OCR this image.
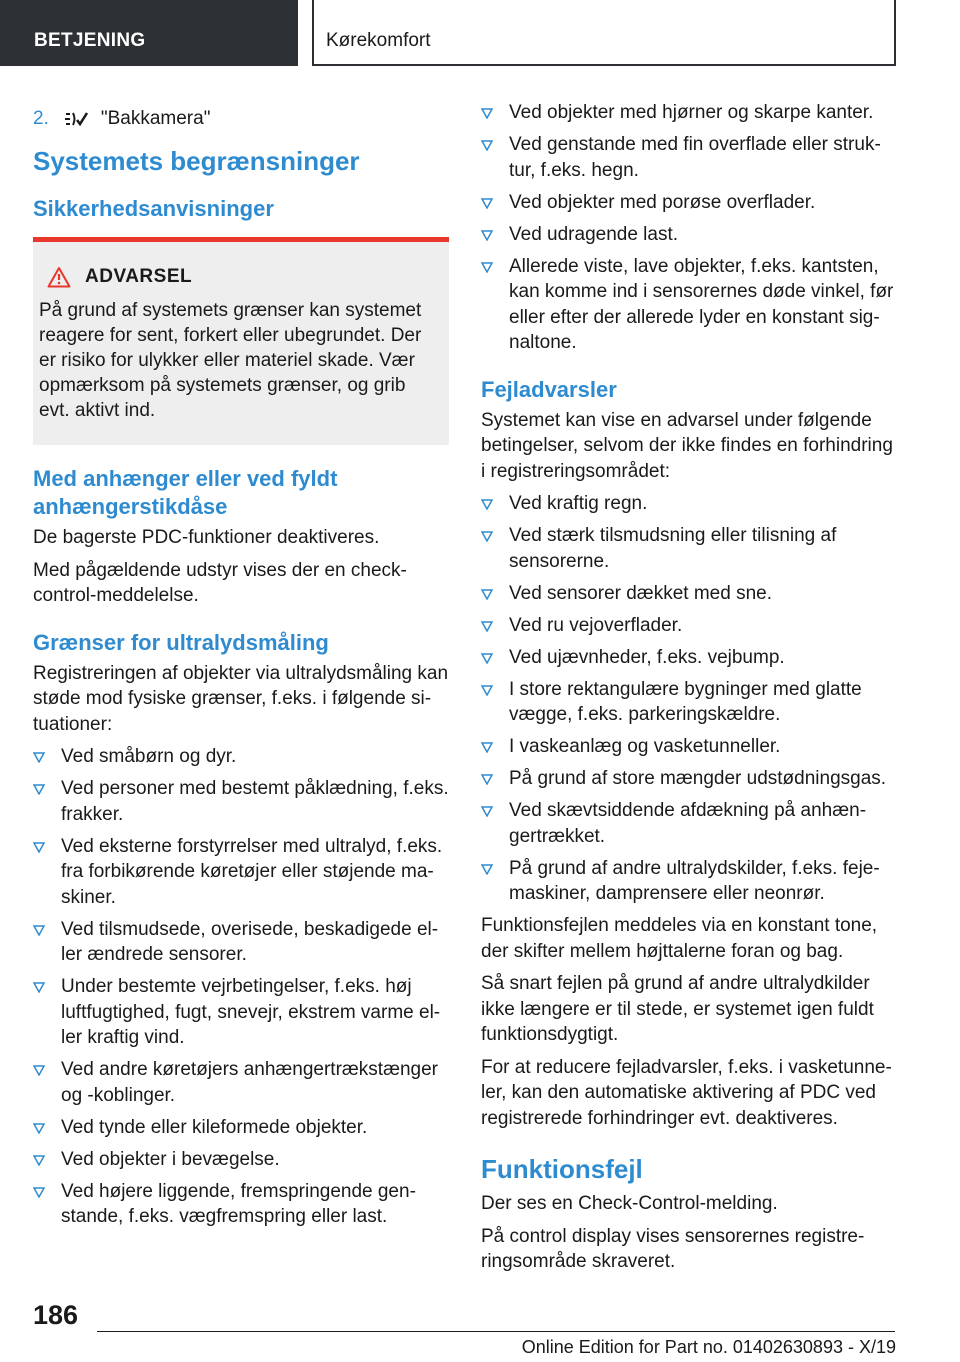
BETJENING	Kørekomfort
2.	"Bakkamera"
Systemets begrænsninger
Sikkerhedsanvisninger
ADVARSEL

På grund af systemets grænser kan systemet reagere for sent, forkert eller ubegrundet. Der er risiko for ulykker eller materiel skade. Vær opmærksom på systemets grænser, og grib evt. aktivt ind.

Med anhænger eller ved fyldt anhængerstikdåse

De bagerste PDC-funktioner deaktiveres.

Med pågældende udstyr vises der en check-control-meddelelse.

Grænser for ultralydsmåling

Registreringen af objekter via ultralydsmåling kan støde mod fysiske grænser, f.eks. i følgende si-tuationer:

Ved småbørn og dyr.
Ved personer med bestemt påklædning, f.eks. frakker.
Ved eksterne forstyrrelser med ultralyd, f.eks. fra forbikørende køretøjer eller støjende ma-skiner.
Ved tilsmudsede, overisede, beskadigede el-ler ændrede sensorer.
Under bestemte vejrbetingelser, f.eks. høj luftfugtighed, fugt, snevejr, ekstrem varme el-ler kraftig vind.
Ved andre køretøjers anhængertrækstænger og -koblinger.
Ved tynde eller kileformede objekter.
Ved objekter i bevægelse.
Ved højere liggende, fremspringende gen-stande, f.eks. vægfremspring eller last.
Ved objekter med hjørner og skarpe kanter.
Ved genstande med fin overflade eller struk-tur, f.eks. hegn.
Ved objekter med porøse overflader.
Ved udragende last.
Allerede viste, lave objekter, f.eks. kantsten, kan komme ind i sensorernes døde vinkel, før eller efter der allerede lyder en konstant sig-naltone.
Fejladvarsler

Systemet kan vise en advarsel under følgende betingelser, selvom der ikke findes en forhindring i registreringsområdet:

Ved kraftig regn.
Ved stærk tilsmudsning eller tilisning af sensorerne.
Ved sensorer dækket med sne.
Ved ru vejoverflader.
Ved ujævnheder, f.eks. vejbump.
I store rektangulære bygninger med glatte vægge, f.eks. parkeringskældre.
I vaskeanlæg og vasketunneller.
På grund af store mængder udstødningsgas.
Ved skævtsiddende afdækning på anhæn-gertrækket.
På grund af andre ultralydskilder, f.eks. feje-maskiner, damprensere eller neonrør.

Funktionsfejlen meddeles via en konstant tone, der skifter mellem højttalerne foran og bag.

Så snart fejlen på grund af andre ultralydkilder ikke længere er til stede, er systemet igen fuldt funktionsdygtigt.

For at reducere fejladvarsler, f.eks. i vasketunne-ler, kan den automatiske aktivering af PDC ved registrerede forhindringer evt. deaktiveres.

Funktionsfejl

Der ses en Check-Control-melding.

På control display vises sensorernes registre-ringsområde skraveret.

186
Online Edition for Part no. 01402630893 - X/19
